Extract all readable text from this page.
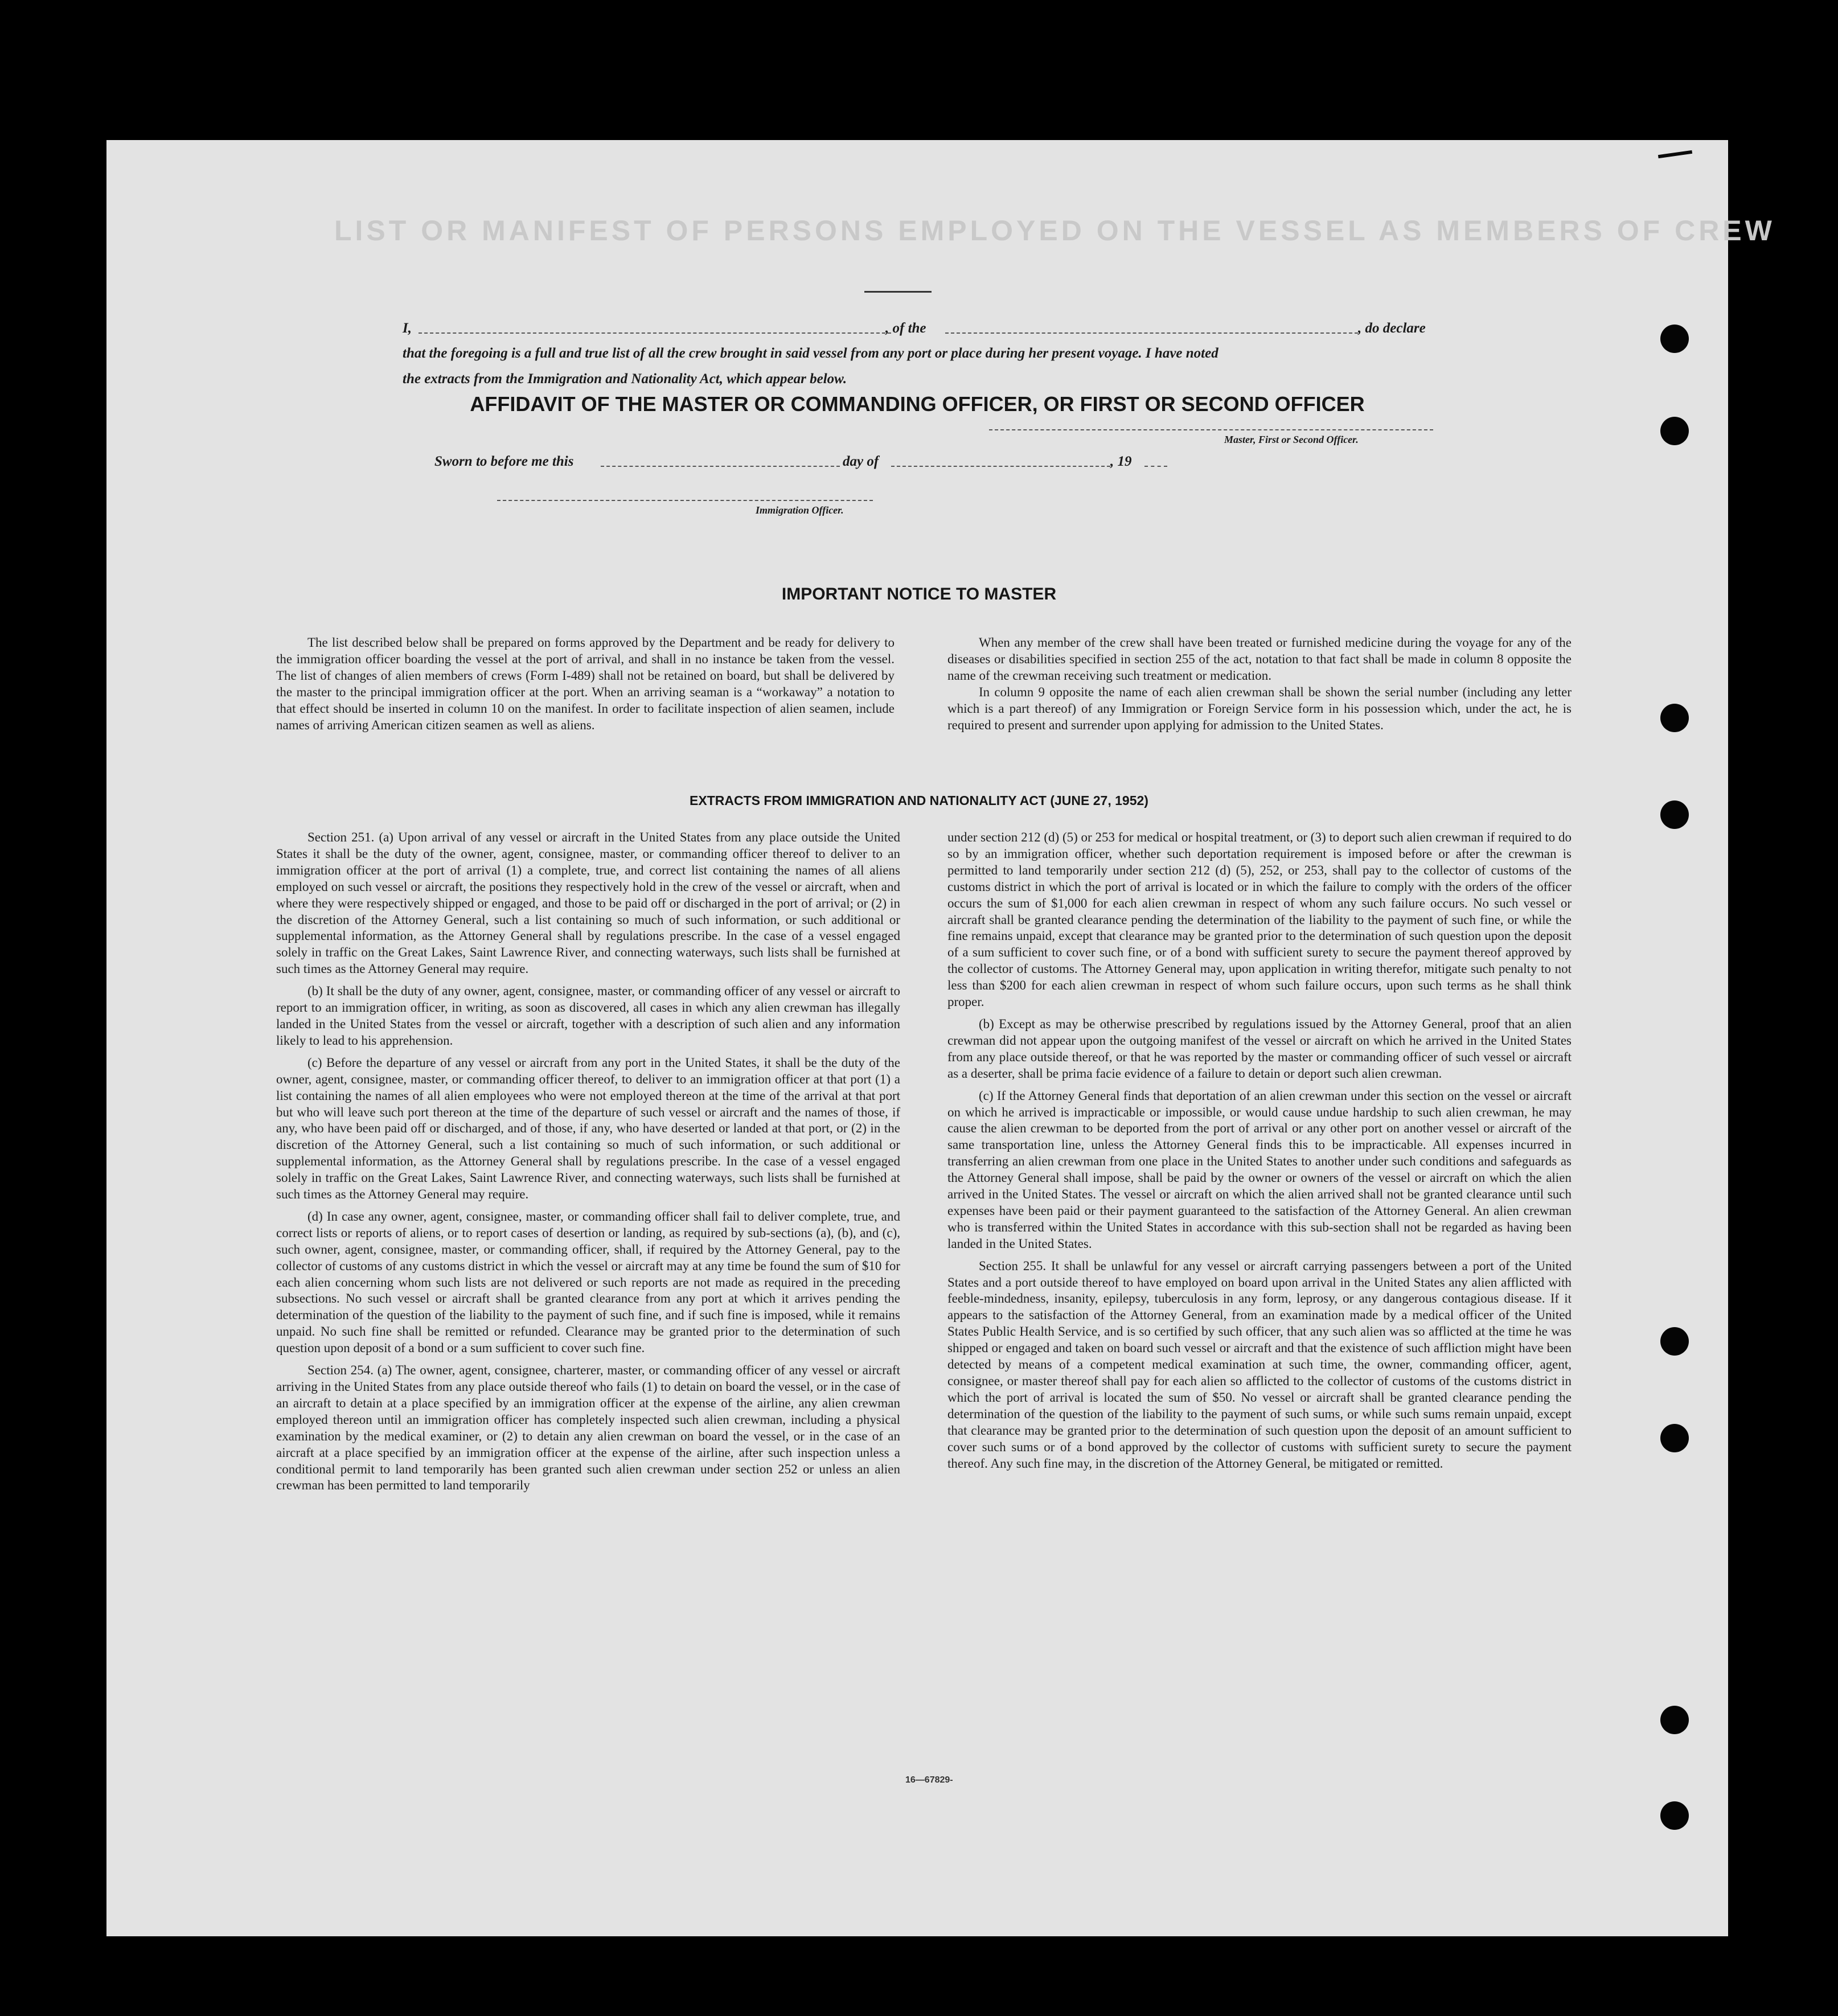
LIST OR MANIFEST OF PERSONS EMPLOYED ON THE VESSEL AS MEMBERS OF CREW
AFFIDAVIT OF THE MASTER OR COMMANDING OFFICER, OR FIRST OR SECOND OFFICER
I,	, of the	, do declare
that the foregoing is a full and true list of all the crew brought in said vessel from any port or place during her present voyage. I have noted
the extracts from the Immigration and Nationality Act, which appear below.
Master, First or Second Officer.
Sworn to before me this	day of	, 19
Immigration Officer.
IMPORTANT NOTICE TO MASTER

The list described below shall be prepared on forms approved by the Department and be ready for delivery to the immigration officer boarding the vessel at the port of arrival, and shall in no instance be taken from the vessel. The list of changes of alien members of crews (Form I-489) shall not be retained on board, but shall be delivered by the master to the principal immigration officer at the port. When an arriving seaman is a “workaway” a notation to that effect should be inserted in column 10 on the manifest. In order to facilitate inspection of alien seamen, include names of arriving American citizen seamen as well as aliens.

When any member of the crew shall have been treated or furnished medicine during the voyage for any of the diseases or disabilities specified in section 255 of the act, notation to that fact shall be made in column 8 opposite the name of the crewman receiving such treatment or medication.

In column 9 opposite the name of each alien crewman shall be shown the serial number (including any letter which is a part thereof) of any Immigration or Foreign Service form in his possession which, under the act, he is required to present and surrender upon applying for admission to the United States.

EXTRACTS FROM IMMIGRATION AND NATIONALITY ACT (JUNE 27, 1952)

Section 251. (a) Upon arrival of any vessel or aircraft in the United States from any place outside the United States it shall be the duty of the owner, agent, consignee, master, or commanding officer thereof to deliver to an immigration officer at the port of arrival (1) a complete, true, and correct list containing the names of all aliens employed on such vessel or aircraft, the positions they respectively hold in the crew of the vessel or aircraft, when and where they were respectively shipped or engaged, and those to be paid off or discharged in the port of arrival; or (2) in the discretion of the Attorney General, such a list containing so much of such information, or such additional or supplemental information, as the Attorney General shall by regulations prescribe. In the case of a vessel engaged solely in traffic on the Great Lakes, Saint Lawrence River, and connecting waterways, such lists shall be furnished at such times as the Attorney General may require.

(b) It shall be the duty of any owner, agent, consignee, master, or commanding officer of any vessel or aircraft to report to an immigration officer, in writing, as soon as discovered, all cases in which any alien crewman has illegally landed in the United States from the vessel or aircraft, together with a description of such alien and any information likely to lead to his apprehension.

(c) Before the departure of any vessel or aircraft from any port in the United States, it shall be the duty of the owner, agent, consignee, master, or commanding officer thereof, to deliver to an immigration officer at that port (1) a list containing the names of all alien employees who were not employed thereon at the time of the arrival at that port but who will leave such port thereon at the time of the departure of such vessel or aircraft and the names of those, if any, who have been paid off or discharged, and of those, if any, who have deserted or landed at that port, or (2) in the discretion of the Attorney General, such a list containing so much of such information, or such additional or supplemental information, as the Attorney General shall by regulations prescribe. In the case of a vessel engaged solely in traffic on the Great Lakes, Saint Lawrence River, and connecting waterways, such lists shall be furnished at such times as the Attorney General may require.

(d) In case any owner, agent, consignee, master, or commanding officer shall fail to deliver complete, true, and correct lists or reports of aliens, or to report cases of desertion or landing, as required by sub-sections (a), (b), and (c), such owner, agent, consignee, master, or commanding officer, shall, if required by the Attorney General, pay to the collector of customs of any customs district in which the vessel or aircraft may at any time be found the sum of $10 for each alien concerning whom such lists are not delivered or such reports are not made as required in the preceding subsections. No such vessel or aircraft shall be granted clearance from any port at which it arrives pending the determination of the question of the liability to the payment of such fine, and if such fine is imposed, while it remains unpaid. No such fine shall be remitted or refunded. Clearance may be granted prior to the determination of such question upon deposit of a bond or a sum sufficient to cover such fine.

Section 254. (a) The owner, agent, consignee, charterer, master, or commanding officer of any vessel or aircraft arriving in the United States from any place outside thereof who fails (1) to detain on board the vessel, or in the case of an aircraft to detain at a place specified by an immigration officer at the expense of the airline, any alien crewman employed thereon until an immigration officer has completely inspected such alien crewman, including a physical examination by the medical examiner, or (2) to detain any alien crewman on board the vessel, or in the case of an aircraft at a place specified by an immigration officer at the expense of the airline, after such inspection unless a conditional permit to land temporarily has been granted such alien crewman under section 252 or unless an alien crewman has been permitted to land temporarily

under section 212 (d) (5) or 253 for medical or hospital treatment, or (3) to deport such alien crewman if required to do so by an immigration officer, whether such deportation requirement is imposed before or after the crewman is permitted to land temporarily under section 212 (d) (5), 252, or 253, shall pay to the collector of customs of the customs district in which the port of arrival is located or in which the failure to comply with the orders of the officer occurs the sum of $1,000 for each alien crewman in respect of whom any such failure occurs. No such vessel or aircraft shall be granted clearance pending the determination of the liability to the payment of such fine, or while the fine remains unpaid, except that clearance may be granted prior to the determination of such question upon the deposit of a sum sufficient to cover such fine, or of a bond with sufficient surety to secure the payment thereof approved by the collector of customs. The Attorney General may, upon application in writing therefor, mitigate such penalty to not less than $200 for each alien crewman in respect of whom such failure occurs, upon such terms as he shall think proper.

(b) Except as may be otherwise prescribed by regulations issued by the Attorney General, proof that an alien crewman did not appear upon the outgoing manifest of the vessel or aircraft on which he arrived in the United States from any place outside thereof, or that he was reported by the master or commanding officer of such vessel or aircraft as a deserter, shall be prima facie evidence of a failure to detain or deport such alien crewman.

(c) If the Attorney General finds that deportation of an alien crewman under this section on the vessel or aircraft on which he arrived is impracticable or impossible, or would cause undue hardship to such alien crewman, he may cause the alien crewman to be deported from the port of arrival or any other port on another vessel or aircraft of the same transportation line, unless the Attorney General finds this to be impracticable. All expenses incurred in transferring an alien crewman from one place in the United States to another under such conditions and safeguards as the Attorney General shall impose, shall be paid by the owner or owners of the vessel or aircraft on which the alien arrived in the United States. The vessel or aircraft on which the alien arrived shall not be granted clearance until such expenses have been paid or their payment guaranteed to the satisfaction of the Attorney General. An alien crewman who is transferred within the United States in accordance with this sub-section shall not be regarded as having been landed in the United States.

Section 255. It shall be unlawful for any vessel or aircraft carrying passengers between a port of the United States and a port outside thereof to have employed on board upon arrival in the United States any alien afflicted with feeble-mindedness, insanity, epilepsy, tuberculosis in any form, leprosy, or any dangerous contagious disease. If it appears to the satisfaction of the Attorney General, from an examination made by a medical officer of the United States Public Health Service, and is so certified by such officer, that any such alien was so afflicted at the time he was shipped or engaged and taken on board such vessel or aircraft and that the existence of such affliction might have been detected by means of a competent medical examination at such time, the owner, commanding officer, agent, consignee, or master thereof shall pay for each alien so afflicted to the collector of customs of the customs district in which the port of arrival is located the sum of $50. No vessel or aircraft shall be granted clearance pending the determination of the question of the liability to the payment of such sums, or while such sums remain unpaid, except that clearance may be granted prior to the determination of such question upon the deposit of an amount sufficient to cover such sums or of a bond approved by the collector of customs with sufficient surety to secure the payment thereof. Any such fine may, in the discretion of the Attorney General, be mitigated or remitted.

16—67829-
